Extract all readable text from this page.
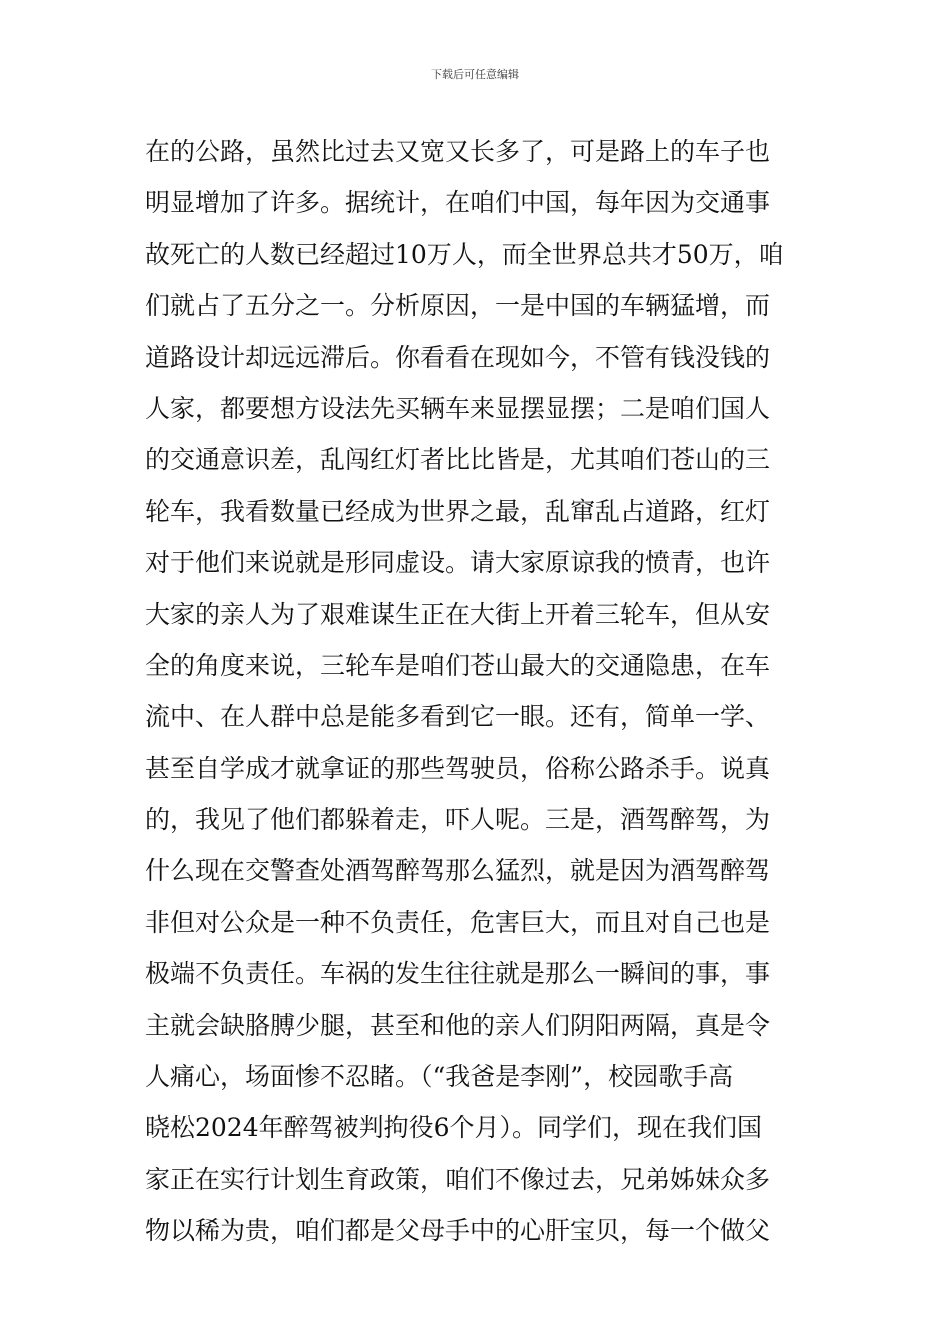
下载后可任意编辑
在的公路，虽然比过去又宽又长多了，可是路上的车子也
明显增加了许多。据统计，在咱们中国，每年因为交通事
故死亡的人数已经超过10万人，而全世界总共才50万，咱
们就占了五分之一。分析原因，一是中国的车辆猛增，而
道路设计却远远滞后。你看看在现如今，不管有钱没钱的
人家，都要想方设法先买辆车来显摆显摆；二是咱们国人
的交通意识差，乱闯红灯者比比皆是，尤其咱们苍山的三
轮车，我看数量已经成为世界之最，乱窜乱占道路，红灯
对于他们来说就是形同虚设。请大家原谅我的愤青，也许
大家的亲人为了艰难谋生正在大街上开着三轮车，但从安
全的角度来说，三轮车是咱们苍山最大的交通隐患，在车
流中、在人群中总是能多看到它一眼。还有，简单一学、
甚至自学成才就拿证的那些驾驶员，俗称公路杀手。说真
的，我见了他们都躲着走，吓人呢。三是，酒驾醉驾，为
什么现在交警查处酒驾醉驾那么猛烈，就是因为酒驾醉驾
非但对公众是一种不负责任，危害巨大，而且对自己也是
极端不负责任。车祸的发生往往就是那么一瞬间的事，事
主就会缺胳膊少腿，甚至和他的亲人们阴阳两隔，真是令
人痛心，场面惨不忍睹。（“我爸是李刚”，校园歌手高
晓松2024年醉驾被判拘役6个月）。同学们，现在我们国
家正在实行计划生育政策，咱们不像过去，兄弟姊妹众多
物以稀为贵，咱们都是父母手中的心肝宝贝，每一个做父
